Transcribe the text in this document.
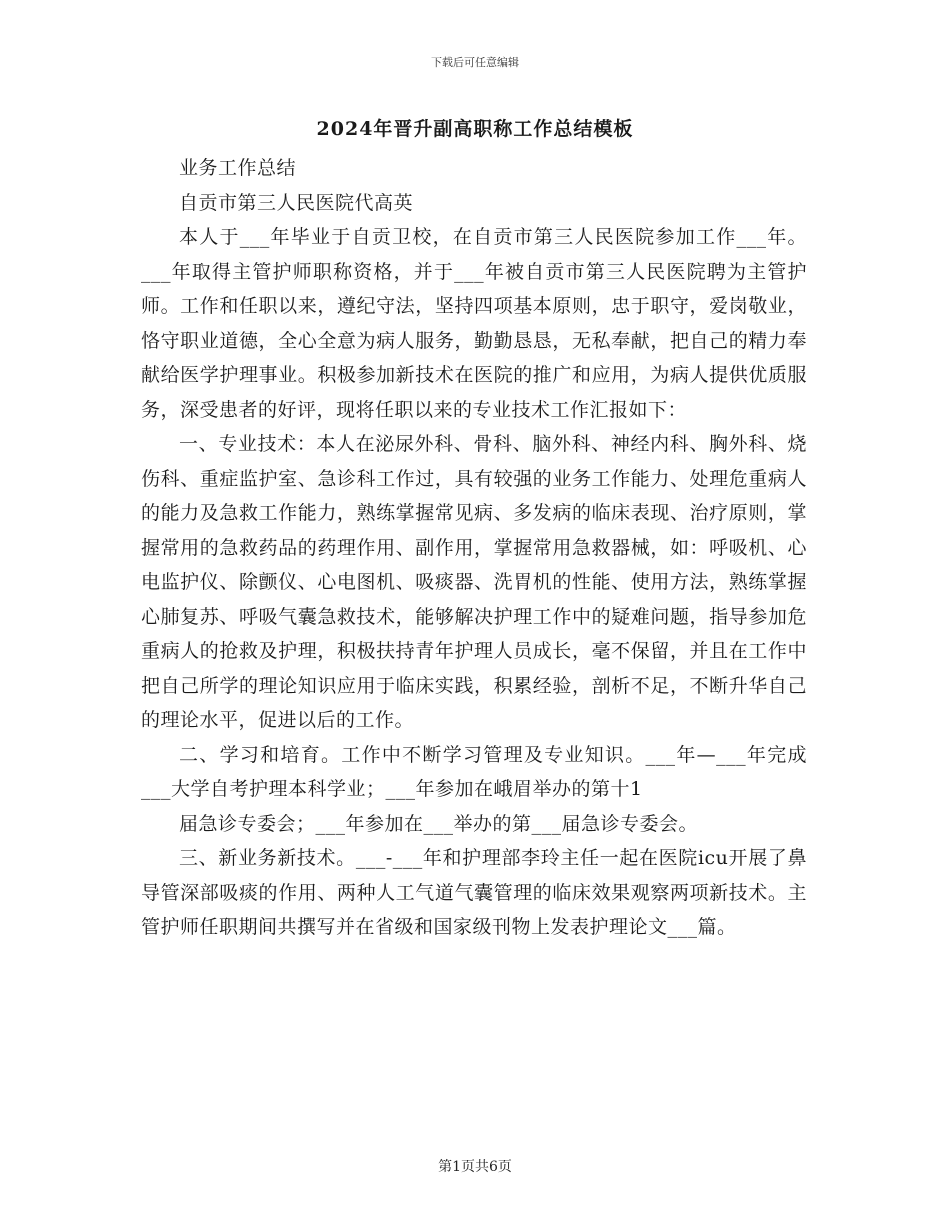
下载后可任意编辑
2024年晋升副高职称工作总结模板

业务工作总结

自贡市第三人民医院代高英

本人于___年毕业于自贡卫校，在自贡市第三人民医院参加工作___年。___年取得主管护师职称资格，并于___年被自贡市第三人民医院聘为主管护师。工作和任职以来，遵纪守法，坚持四项基本原则，忠于职守，爱岗敬业，恪守职业道德，全心全意为病人服务，勤勤恳恳，无私奉献，把自己的精力奉献给医学护理事业。积极参加新技术在医院的推广和应用，为病人提供优质服务，深受患者的好评，现将任职以来的专业技术工作汇报如下：

一、专业技术：本人在泌尿外科、骨科、脑外科、神经内科、胸外科、烧伤科、重症监护室、急诊科工作过，具有较强的业务工作能力、处理危重病人的能力及急救工作能力，熟练掌握常见病、多发病的临床表现、治疗原则，掌握常用的急救药品的药理作用、副作用，掌握常用急救器械，如：呼吸机、心电监护仪、除颤仪、心电图机、吸痰器、洗胃机的性能、使用方法，熟练掌握心肺复苏、呼吸气囊急救技术，能够解决护理工作中的疑难问题，指导参加危重病人的抢救及护理，积极扶持青年护理人员成长，毫不保留，并且在工作中把自己所学的理论知识应用于临床实践，积累经验，剖析不足，不断升华自己的理论水平，促进以后的工作。

二、学习和培育。工作中不断学习管理及专业知识。___年—___年完成___大学自考护理本科学业；___年参加在峨眉举办的第十1

届急诊专委会；___年参加在___举办的第___届急诊专委会。

三、新业务新技术。___-___年和护理部李玲主任一起在医院icu开展了鼻导管深部吸痰的作用、两种人工气道气囊管理的临床效果观察两项新技术。主管护师任职期间共撰写并在省级和国家级刊物上发表护理论文___篇。

第1页共6页
